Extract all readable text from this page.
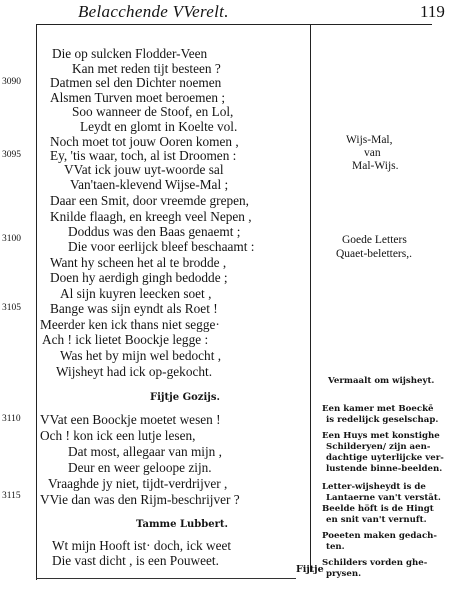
Belacchende VVerelt.	119
Die op sulcken Flodder-Veen
Kan met reden tijt besteen ?
Datmen sel den Dichter noemen
Alsmen Turven moet beroemen ;
Soo wanneer de Stoof, en Lol,
Leydt en glomt in Koelte vol.
Noch moet tot jouw Ooren komen ,
Ey, 'tis waar, toch, al ist Droomen :
VVat ick jouw uyt-woorde sal
Van'taen-klevend Wijse-Mal ;
Daar een Smit, door vreemde grepen,
Knilde flaagh, en kreegh veel Nepen ,
Doddus was den Baas genaemt ;
Die voor eerlijck bleef beschaamt :
Want hy scheen het al te brodde ,
Doen hy aerdigh gingh bedodde ;
Al sijn kuyren leecken soet ,
Bange was sijn eyndt als Roet !
Meerder ken ick thans niet segge·
Ach ! ick lietet Boockje legge :
Was het by mijn wel bedocht ,
Wijsheyt had ick op-gekocht.
3090
3095
3100
3105
3110
3115
Fijtje Gozijs.
Tamme Lubbert.
VVat een Boockje moetet wesen !
Och ! kon ick een lutje lesen,
Dat most, allegaar van mijn ,
Deur en weer geloope zijn.
Vraaghde jy niet, tijdt-verdrijver ,
VVie dan was den Rijm-beschrijver ?
Wt mijn Hooft ist· doch, ick weet
Die vast dicht , is een Pouweet.
Wijs-Mal,
van
Mal-Wijs.
Goede Letters
Quaet-beletters,.
Vermaalt om wijsheyt.
Een kamer met Boeckē
is redelijck geselschap.
Een Huys met konstighe
Schilderyen/ zijn aen-
dachtige uyterlijcke ver-
lustende binne-beelden.
Letter-wijsheydt is de
Lantaerne van't verstāt.
Beelde höft is de Hingt
en snit van't vernuft.
Poeeten maken gedach-
ten.
Schilders vorden ghe-
prysen.
Fijtje
